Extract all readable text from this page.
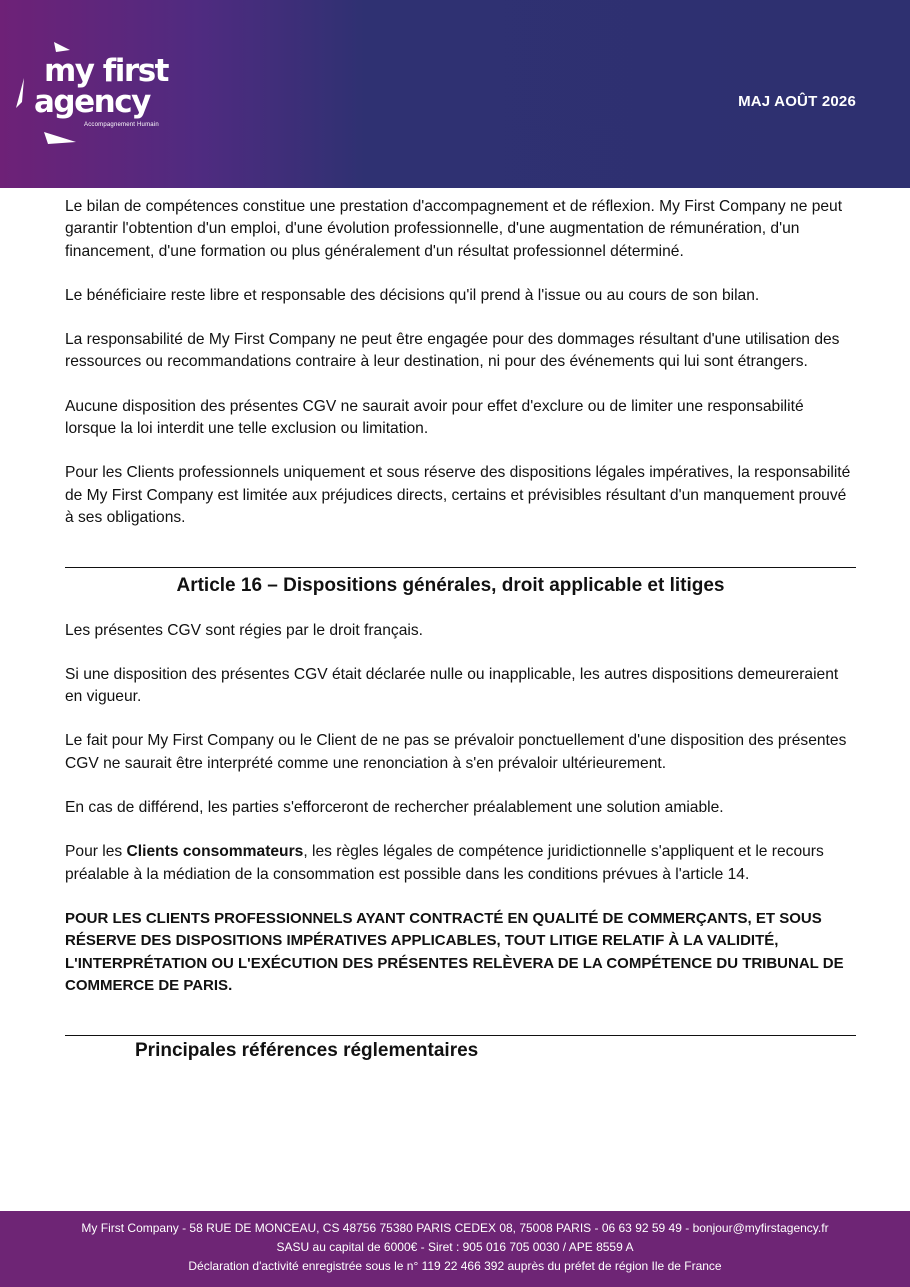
my first
agency
Accompagnement Humain
MAJ AOÛT 2026

Le bilan de compétences constitue une prestation d'accompagnement et de réflexion. My First Company ne peut garantir l'obtention d'un emploi, d'une évolution professionnelle, d'une augmentation de rémunération, d'un financement, d'une formation ou plus généralement d'un résultat professionnel déterminé.

Le bénéficiaire reste libre et responsable des décisions qu'il prend à l'issue ou au cours de son bilan.

La responsabilité de My First Company ne peut être engagée pour des dommages résultant d'une utilisation des ressources ou recommandations contraire à leur destination, ni pour des événements qui lui sont étrangers.

Aucune disposition des présentes CGV ne saurait avoir pour effet d'exclure ou de limiter une responsabilité lorsque la loi interdit une telle exclusion ou limitation.

Pour les Clients professionnels uniquement et sous réserve des dispositions légales impératives, la responsabilité de My First Company est limitée aux préjudices directs, certains et prévisibles résultant d'un manquement prouvé à ses obligations.

Article 16 – Dispositions générales, droit applicable et litiges

Les présentes CGV sont régies par le droit français.

Si une disposition des présentes CGV était déclarée nulle ou inapplicable, les autres dispositions demeureraient en vigueur.

Le fait pour My First Company ou le Client de ne pas se prévaloir ponctuellement d'une disposition des présentes CGV ne saurait être interprété comme une renonciation à s'en prévaloir ultérieurement.

En cas de différend, les parties s'efforceront de rechercher préalablement une solution amiable.

Pour les Clients consommateurs, les règles légales de compétence juridictionnelle s'appliquent et le recours préalable à la médiation de la consommation est possible dans les conditions prévues à l'article 14.

POUR LES CLIENTS PROFESSIONNELS AYANT CONTRACTÉ EN QUALITÉ DE COMMERÇANTS, ET SOUS RÉSERVE DES DISPOSITIONS IMPÉRATIVES APPLICABLES, TOUT LITIGE RELATIF À LA VALIDITÉ, L'INTERPRÉTATION OU L'EXÉCUTION DES PRÉSENTES RELÈVERA DE LA COMPÉTENCE DU TRIBUNAL DE COMMERCE DE PARIS.

Principales références réglementaires
My First Company - 58 RUE DE MONCEAU, CS 48756 75380 PARIS CEDEX 08, 75008 PARIS - 06 63 92 59 49 - bonjour@myfirstagency.fr
SASU au capital de 6000€ - Siret : 905 016 705 0030 / APE 8559 A
Déclaration d'activité enregistrée sous le n° 119 22 466 392 auprès du préfet de région Ile de France
